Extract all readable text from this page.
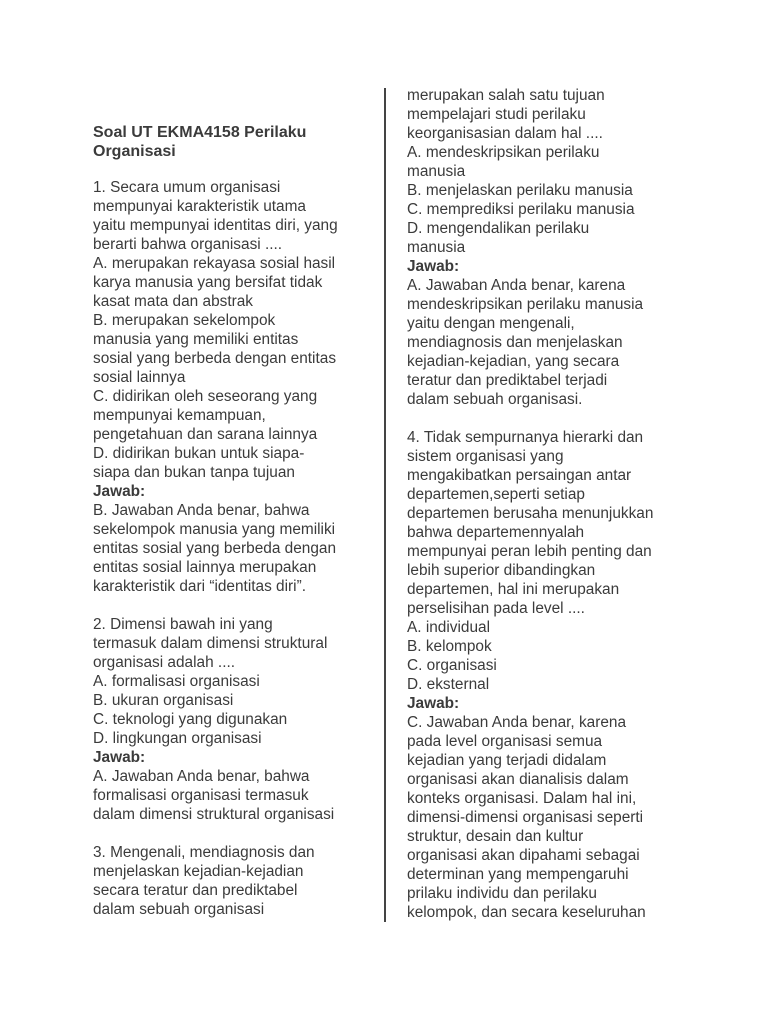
Soal UT EKMA4158 Perilaku
Organisasi
1. Secara umum organisasi
mempunyai karakteristik utama
yaitu mempunyai identitas diri, yang
berarti bahwa organisasi ....
A. merupakan rekayasa sosial hasil
karya manusia yang bersifat tidak
kasat mata dan abstrak
B. merupakan sekelompok
manusia yang memiliki entitas
sosial yang berbeda dengan entitas
sosial lainnya
C. didirikan oleh seseorang yang
mempunyai kemampuan,
pengetahuan dan sarana lainnya
D. didirikan bukan untuk siapa-
siapa dan bukan tanpa tujuan
Jawab:
B. Jawaban Anda benar, bahwa
sekelompok manusia yang memiliki
entitas sosial yang berbeda dengan
entitas sosial lainnya merupakan
karakteristik dari “identitas diri”.
2. Dimensi bawah ini yang
termasuk dalam dimensi struktural
organisasi adalah ....
A. formalisasi organisasi
B. ukuran organisasi
C. teknologi yang digunakan
D. lingkungan organisasi
Jawab:
A. Jawaban Anda benar, bahwa
formalisasi organisasi termasuk
dalam dimensi struktural organisasi
3. Mengenali, mendiagnosis dan
menjelaskan kejadian-kejadian
secara teratur dan prediktabel
dalam sebuah organisasi
merupakan salah satu tujuan
mempelajari studi perilaku
keorganisasian dalam hal ....
A. mendeskripsikan perilaku
manusia
B. menjelaskan perilaku manusia
C. memprediksi perilaku manusia
D. mengendalikan perilaku
manusia
Jawab:
A. Jawaban Anda benar, karena
mendeskripsikan perilaku manusia
yaitu dengan mengenali,
mendiagnosis dan menjelaskan
kejadian-kejadian, yang secara
teratur dan prediktabel terjadi
dalam sebuah organisasi.
4. Tidak sempurnanya hierarki dan
sistem organisasi yang
mengakibatkan persaingan antar
departemen,seperti setiap
departemen berusaha menunjukkan
bahwa departemennyalah
mempunyai peran lebih penting dan
lebih superior dibandingkan
departemen, hal ini merupakan
perselisihan pada level ....
A. individual
B. kelompok
C. organisasi
D. eksternal
Jawab:
C. Jawaban Anda benar, karena
pada level organisasi semua
kejadian yang terjadi didalam
organisasi akan dianalisis dalam
konteks organisasi. Dalam hal ini,
dimensi-dimensi organisasi seperti
struktur, desain dan kultur
organisasi akan dipahami sebagai
determinan yang mempengaruhi
prilaku individu dan perilaku
kelompok, dan secara keseluruhan
